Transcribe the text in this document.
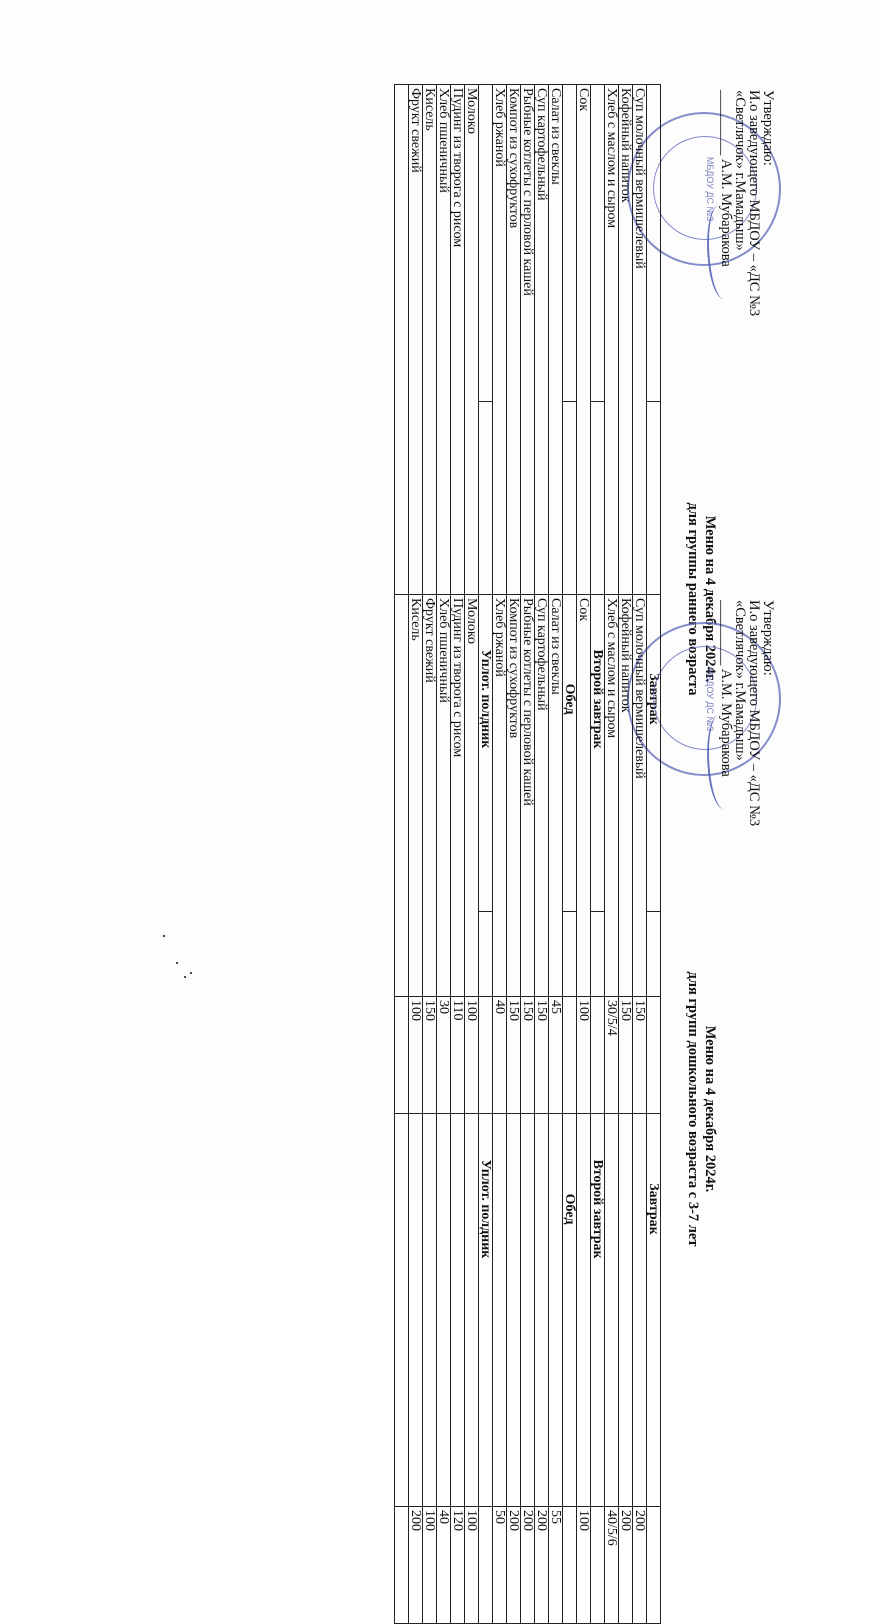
МБДОУ ДС №3
Утверждаю:
И.о заведующего МБДОУ – «ДС №3
«Светлячок» г.Мамадыш»
_________ А.М. Мубаракова
Меню на 4 декабря 2024г.
для группы раннего возраста
	Завтрак	
Суп молочный вермишелевый		150
Кофейный напиток		150
Хлеб с маслом и сыром		30/5/4
	Второй завтрак	
Сок		100
	Обед	
Салат из свеклы		45
Суп картофельный		150
Рыбные котлеты с перловой кашей		150
Компот из сухофруктов		150
Хлеб ржаной		40
	Уплот. полдник	
Молоко		100
Пудинг из творога с рисом		110
Хлеб пшеничный		30
Кисель		150
Фрукт свежий		100

МБДОУ ДС №3
Утверждаю:
И.о заведующего МБДОУ – «ДС №3
«Светлячок» г.Мамадыш»
_________ А.М. Мубаракова
Меню на 4 декабря 2024г.
для групп дошкольного возраста с 3-7 лет
	Завтрак	
Суп молочный вермишелевый		200
Кофейный напиток		200
Хлеб с маслом и сыром		40/5/6
	Второй завтрак	
Сок		100
	Обед	
Салат из свеклы		55
Суп картофельный		200
Рыбные котлеты с перловой кашей		200
Компот из сухофруктов		200
Хлеб ржаной		50
	Уплот. полдник	
Молоко		100
Пудинг из творога с рисом		120
Хлеб пшеничный		40
Фрукт свежий		100
Кисель		200
